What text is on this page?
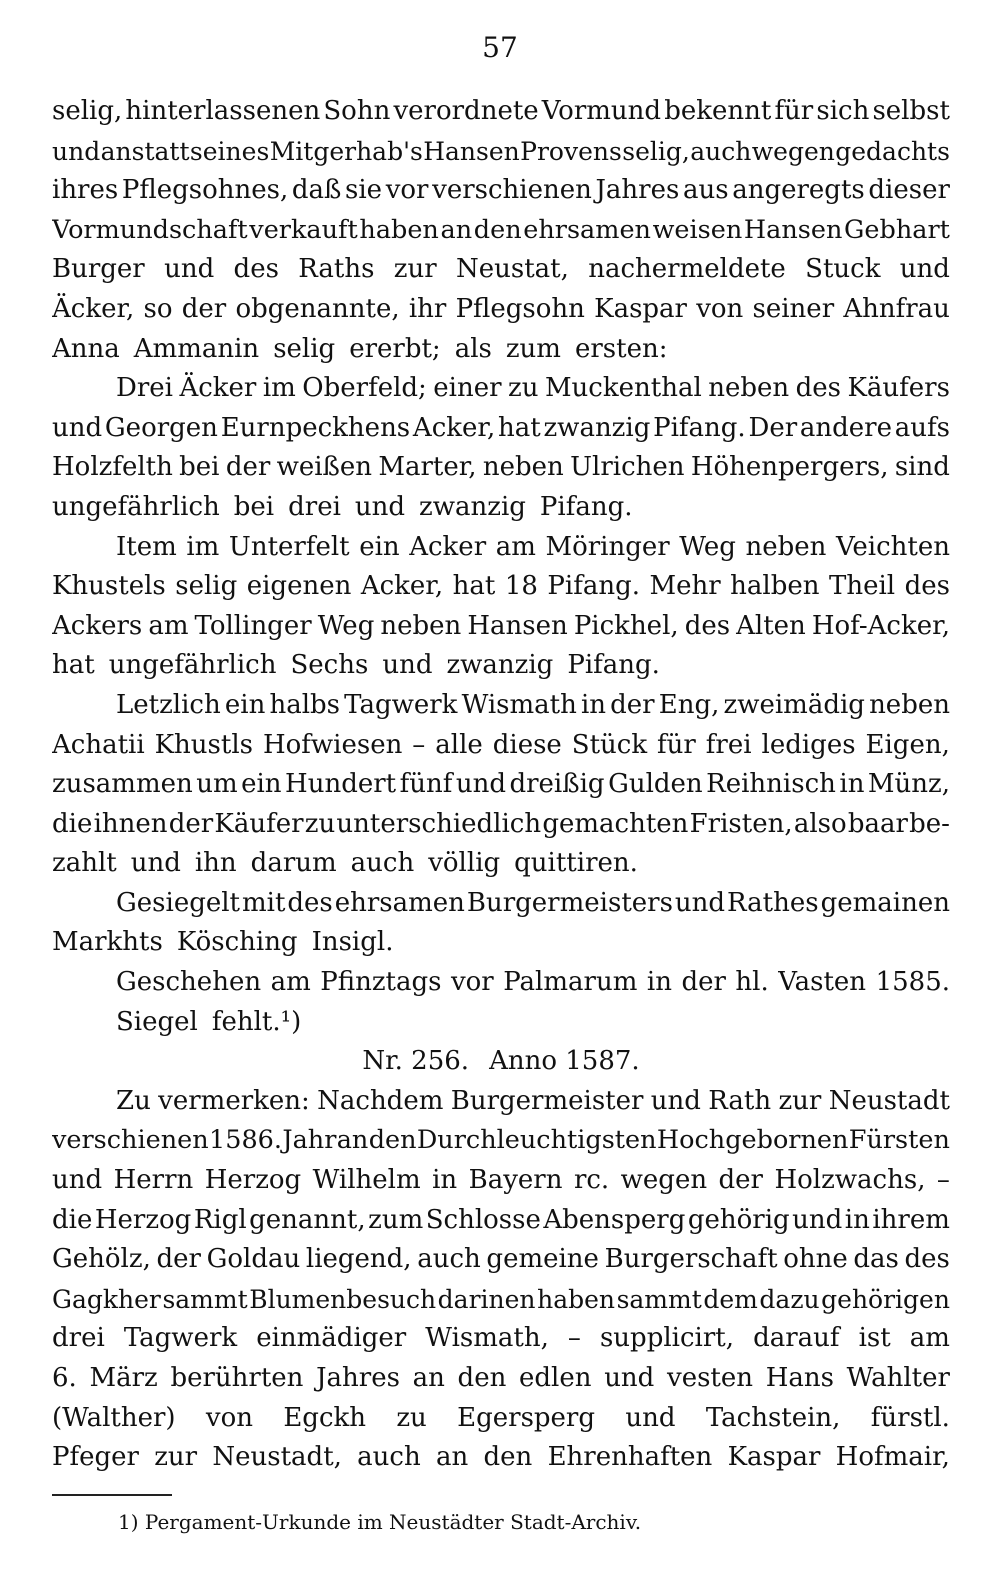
57
selig, hinterlassenen Sohn verordnete Vormund bekennt für sich selbst
und anstatt seines Mitgerhab's Hansen Provens selig, auch wegen gedachts
ihres Pflegsohnes, daß sie vor verschienen Jahres aus angeregts dieser
Vormundschaft verkauft haben an den ehrsamen weisen Hansen Gebhart
Burger und des Raths zur Neustat, nachermeldete Stuck und
Äcker, so der obgenannte, ihr Pflegsohn Kaspar von seiner Ahnfrau
Anna Ammanin selig ererbt; als zum ersten:
Drei Äcker im Oberfeld; einer zu Muckenthal neben des Käufers
und Georgen Eurnpeckhens Acker, hat zwanzig Pifang. Der andere aufs
Holzfelth bei der weißen Marter, neben Ulrichen Höhenpergers, sind
ungefährlich bei drei und zwanzig Pifang.
Item im Unterfelt ein Acker am Möringer Weg neben Veichten
Khustels selig eigenen Acker, hat 18 Pifang. Mehr halben Theil des
Ackers am Tollinger Weg neben Hansen Pickhel, des Alten Hof-Acker,
hat ungefährlich Sechs und zwanzig Pifang.
Letzlich ein halbs Tagwerk Wismath in der Eng, zweimädig neben
Achatii Khustls Hofwiesen – alle diese Stück für frei lediges Eigen,
zusammen um ein Hundert fünf und dreißig Gulden Reihnisch in Münz,
die ihnen der Käufer zu unterschiedlich gemachten Fristen, also baar be-
zahlt und ihn darum auch völlig quittiren.
Gesiegelt mit des ehrsamen Burgermeisters und Rathes gemainen
Markhts Kösching Insigl.
Geschehen am Pfinztags vor Palmarum in der hl. Vasten 1585.
Siegel fehlt.¹)
Nr. 256. Anno 1587.
Zu vermerken: Nachdem Burgermeister und Rath zur Neustadt
verschienen 1586. Jahr an den Durchleuchtigsten Hochgebornen Fürsten
und Herrn Herzog Wilhelm in Bayern rc. wegen der Holzwachs, –
die Herzog Rigl genannt, zum Schlosse Abensperg gehörig und in ihrem
Gehölz, der Goldau liegend, auch gemeine Burgerschaft ohne das des
Gagkher sammt Blumenbesuch darinen haben sammt dem dazu gehörigen
drei Tagwerk einmädiger Wismath, – supplicirt, darauf ist am
6. März berührten Jahres an den edlen und vesten Hans Wahlter
(Walther) von Egckh zu Egersperg und Tachstein, fürstl.
Pfeger zur Neustadt, auch an den Ehrenhaften Kaspar Hofmair,
1) Pergament-Urkunde im Neustädter Stadt-Archiv.
